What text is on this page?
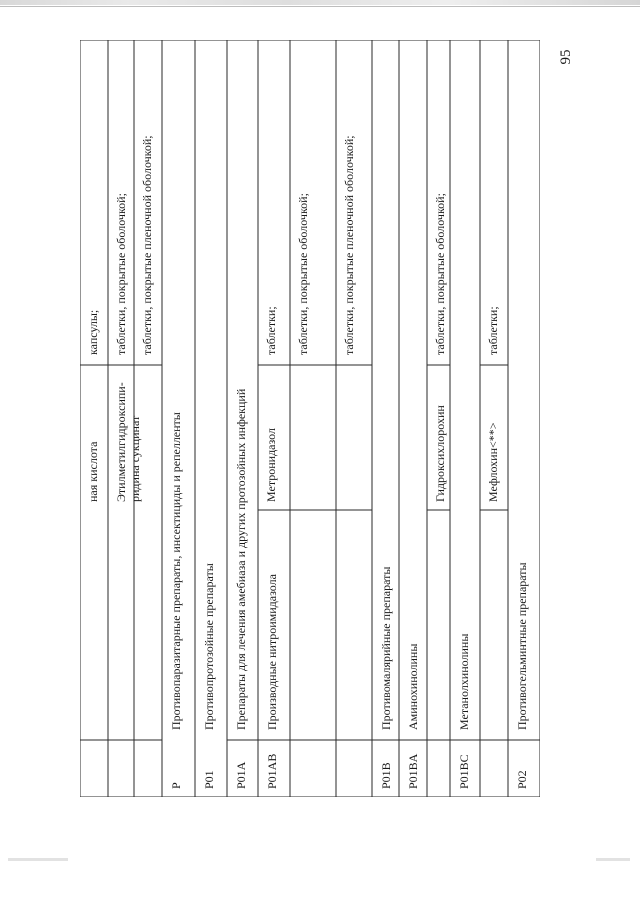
95
ная кислота Этилметилгидроксипи-
ридина сукцинат
капсулы; таблетки, покрытые оболочкой; таблетки, покрытые пленочной оболочкой;
P
Противопаразитарные препараты, инсектициды и репелленты
P01
Противопротозойные препараты
P01A
Препараты для лечения амебиаза и других протозойных инфекций
P01AB
Производные нитроимидазола
Метронидазол
таблетки; таблетки, покрытые оболочкой;	таблетки, покрытые пленочной оболочкой;
P01B
Противомалярийные препараты
P01BA
Аминохинолины
Гидроксихлорохин
таблетки, покрытые оболочкой;
P01BC
Метанолхинолины
Мефлохин<**>
таблетки;
P02
Противогельминтные препараты
